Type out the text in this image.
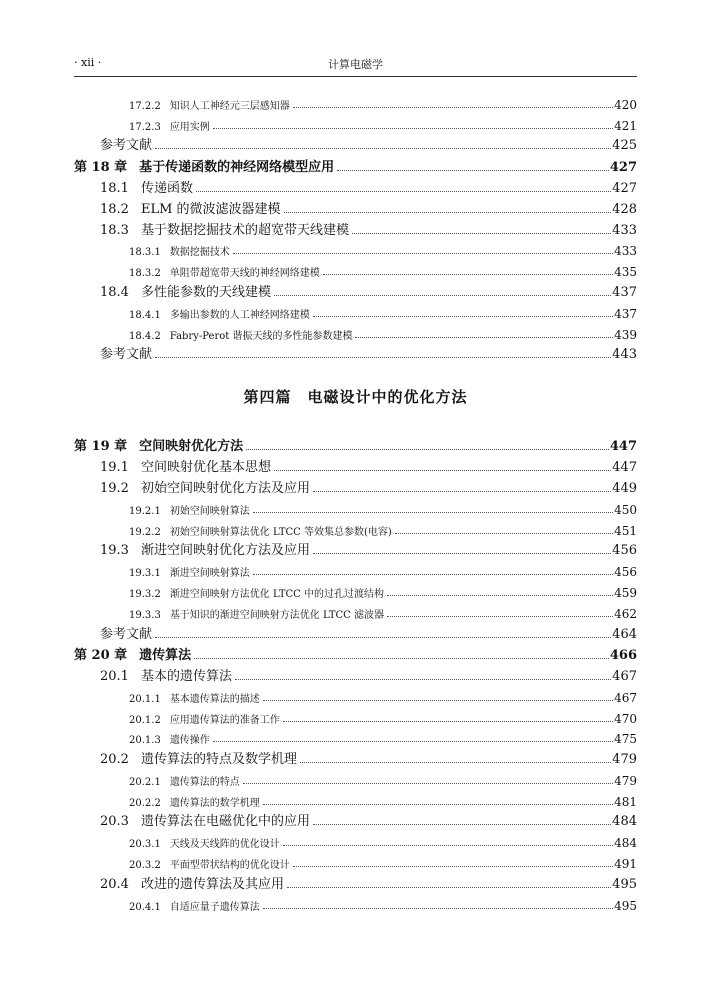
· xii ·	计算电磁学
17.2.2 知识人工神经元三层感知器	420
17.2.3 应用实例	421
参考文献	425
第 18 章 基于传递函数的神经网络模型应用	427
18.1 传递函数	427
18.2 ELM 的微波滤波器建模	428
18.3 基于数据挖掘技术的超宽带天线建模	433
18.3.1 数据挖掘技术	433
18.3.2 单阻带超宽带天线的神经网络建模	435
18.4 多性能参数的天线建模	437
18.4.1 多输出参数的人工神经网络建模	437
18.4.2 Fabry-Perot 谐振天线的多性能参数建模	439
参考文献	443
第四篇　电磁设计中的优化方法
第 19 章 空间映射优化方法	447
19.1 空间映射优化基本思想	447
19.2 初始空间映射优化方法及应用	449
19.2.1 初始空间映射算法	450
19.2.2 初始空间映射算法优化 LTCC 等效集总参数(电容)	451
19.3 渐进空间映射优化方法及应用	456
19.3.1 渐进空间映射算法	456
19.3.2 渐进空间映射方法优化 LTCC 中的过孔过渡结构	459
19.3.3 基于知识的渐进空间映射方法优化 LTCC 滤波器	462
参考文献	464
第 20 章 遗传算法	466
20.1 基本的遗传算法	467
20.1.1 基本遗传算法的描述	467
20.1.2 应用遗传算法的准备工作	470
20.1.3 遗传操作	475
20.2 遗传算法的特点及数学机理	479
20.2.1 遗传算法的特点	479
20.2.2 遗传算法的数学机理	481
20.3 遗传算法在电磁优化中的应用	484
20.3.1 天线及天线阵的优化设计	484
20.3.2 平面型带状结构的优化设计	491
20.4 改进的遗传算法及其应用	495
20.4.1 自适应量子遗传算法	495
